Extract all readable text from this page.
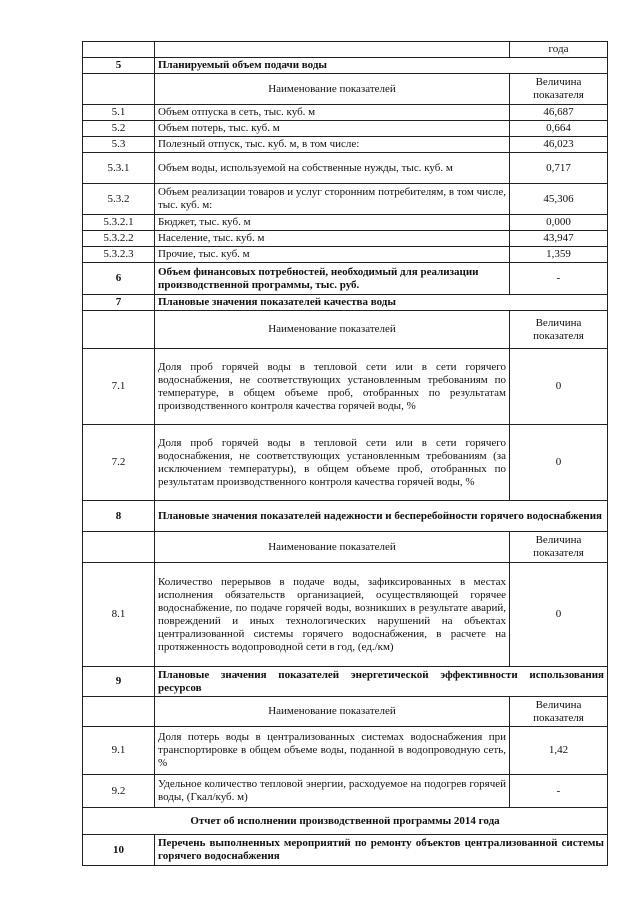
		года
5	Планируемый объем подачи воды	
	Наименование показателей	Величина показателя
5.1	Объем отпуска в сеть, тыс. куб. м	46,687
5.2	Объем потерь, тыс. куб. м	0,664
5.3	Полезный отпуск, тыс. куб. м, в том числе:	46,023
5.3.1	Объем воды, используемой на собственные нужды, тыс. куб. м	0,717
5.3.2	Объем реализации товаров и услуг сторонним потребителям, в том числе, тыс. куб. м:	45,306
5.3.2.1	Бюджет, тыс. куб. м	0,000
5.3.2.2	Население, тыс. куб. м	43,947
5.3.2.3	Прочие, тыс. куб. м	1,359
6	Объем финансовых потребностей, необходимый для реализации производственной программы, тыс. руб.	-
7	Плановые значения показателей качества воды	
	Наименование показателей	Величина показателя
7.1	Доля проб горячей воды в тепловой сети или в сети горячего водоснабжения, не соответствующих установленным требованиям по температуре, в общем объеме проб, отобранных по результатам производственного контроля качества горячей воды, %	0
7.2	Доля проб горячей воды в тепловой сети или в сети горячего водоснабжения, не соответствующих установленным требованиям (за исключением температуры), в общем объеме проб, отобранных по результатам производственного контроля качества горячей воды, %	0
8	Плановые значения показателей надежности и бесперебойности горячего водоснабжения	
	Наименование показателей	Величина показателя
8.1	Количество перерывов в подаче воды, зафиксированных в местах исполнения обязательств организацией, осуществляющей горячее водоснабжение, по подаче горячей воды, возникших в результате аварий, повреждений и иных технологических нарушений на объектах централизованной системы горячего водоснабжения, в расчете на протяженность водопроводной сети в год, (ед./км)	0
9	Плановые значения показателей энергетической эффективности использования ресурсов	
	Наименование показателей	Величина показателя
9.1	Доля потерь воды в централизованных системах водоснабжения при транспортировке в общем объеме воды, поданной в водопроводную сеть, %	1,42
9.2	Удельное количество тепловой энергии, расходуемое на подогрев горячей воды, (Гкал/куб. м)	-
Отчет об исполнении производственной программы 2014 года		
10	Перечень выполненных мероприятий по ремонту объектов централизованной системы горячего водоснабжения	
